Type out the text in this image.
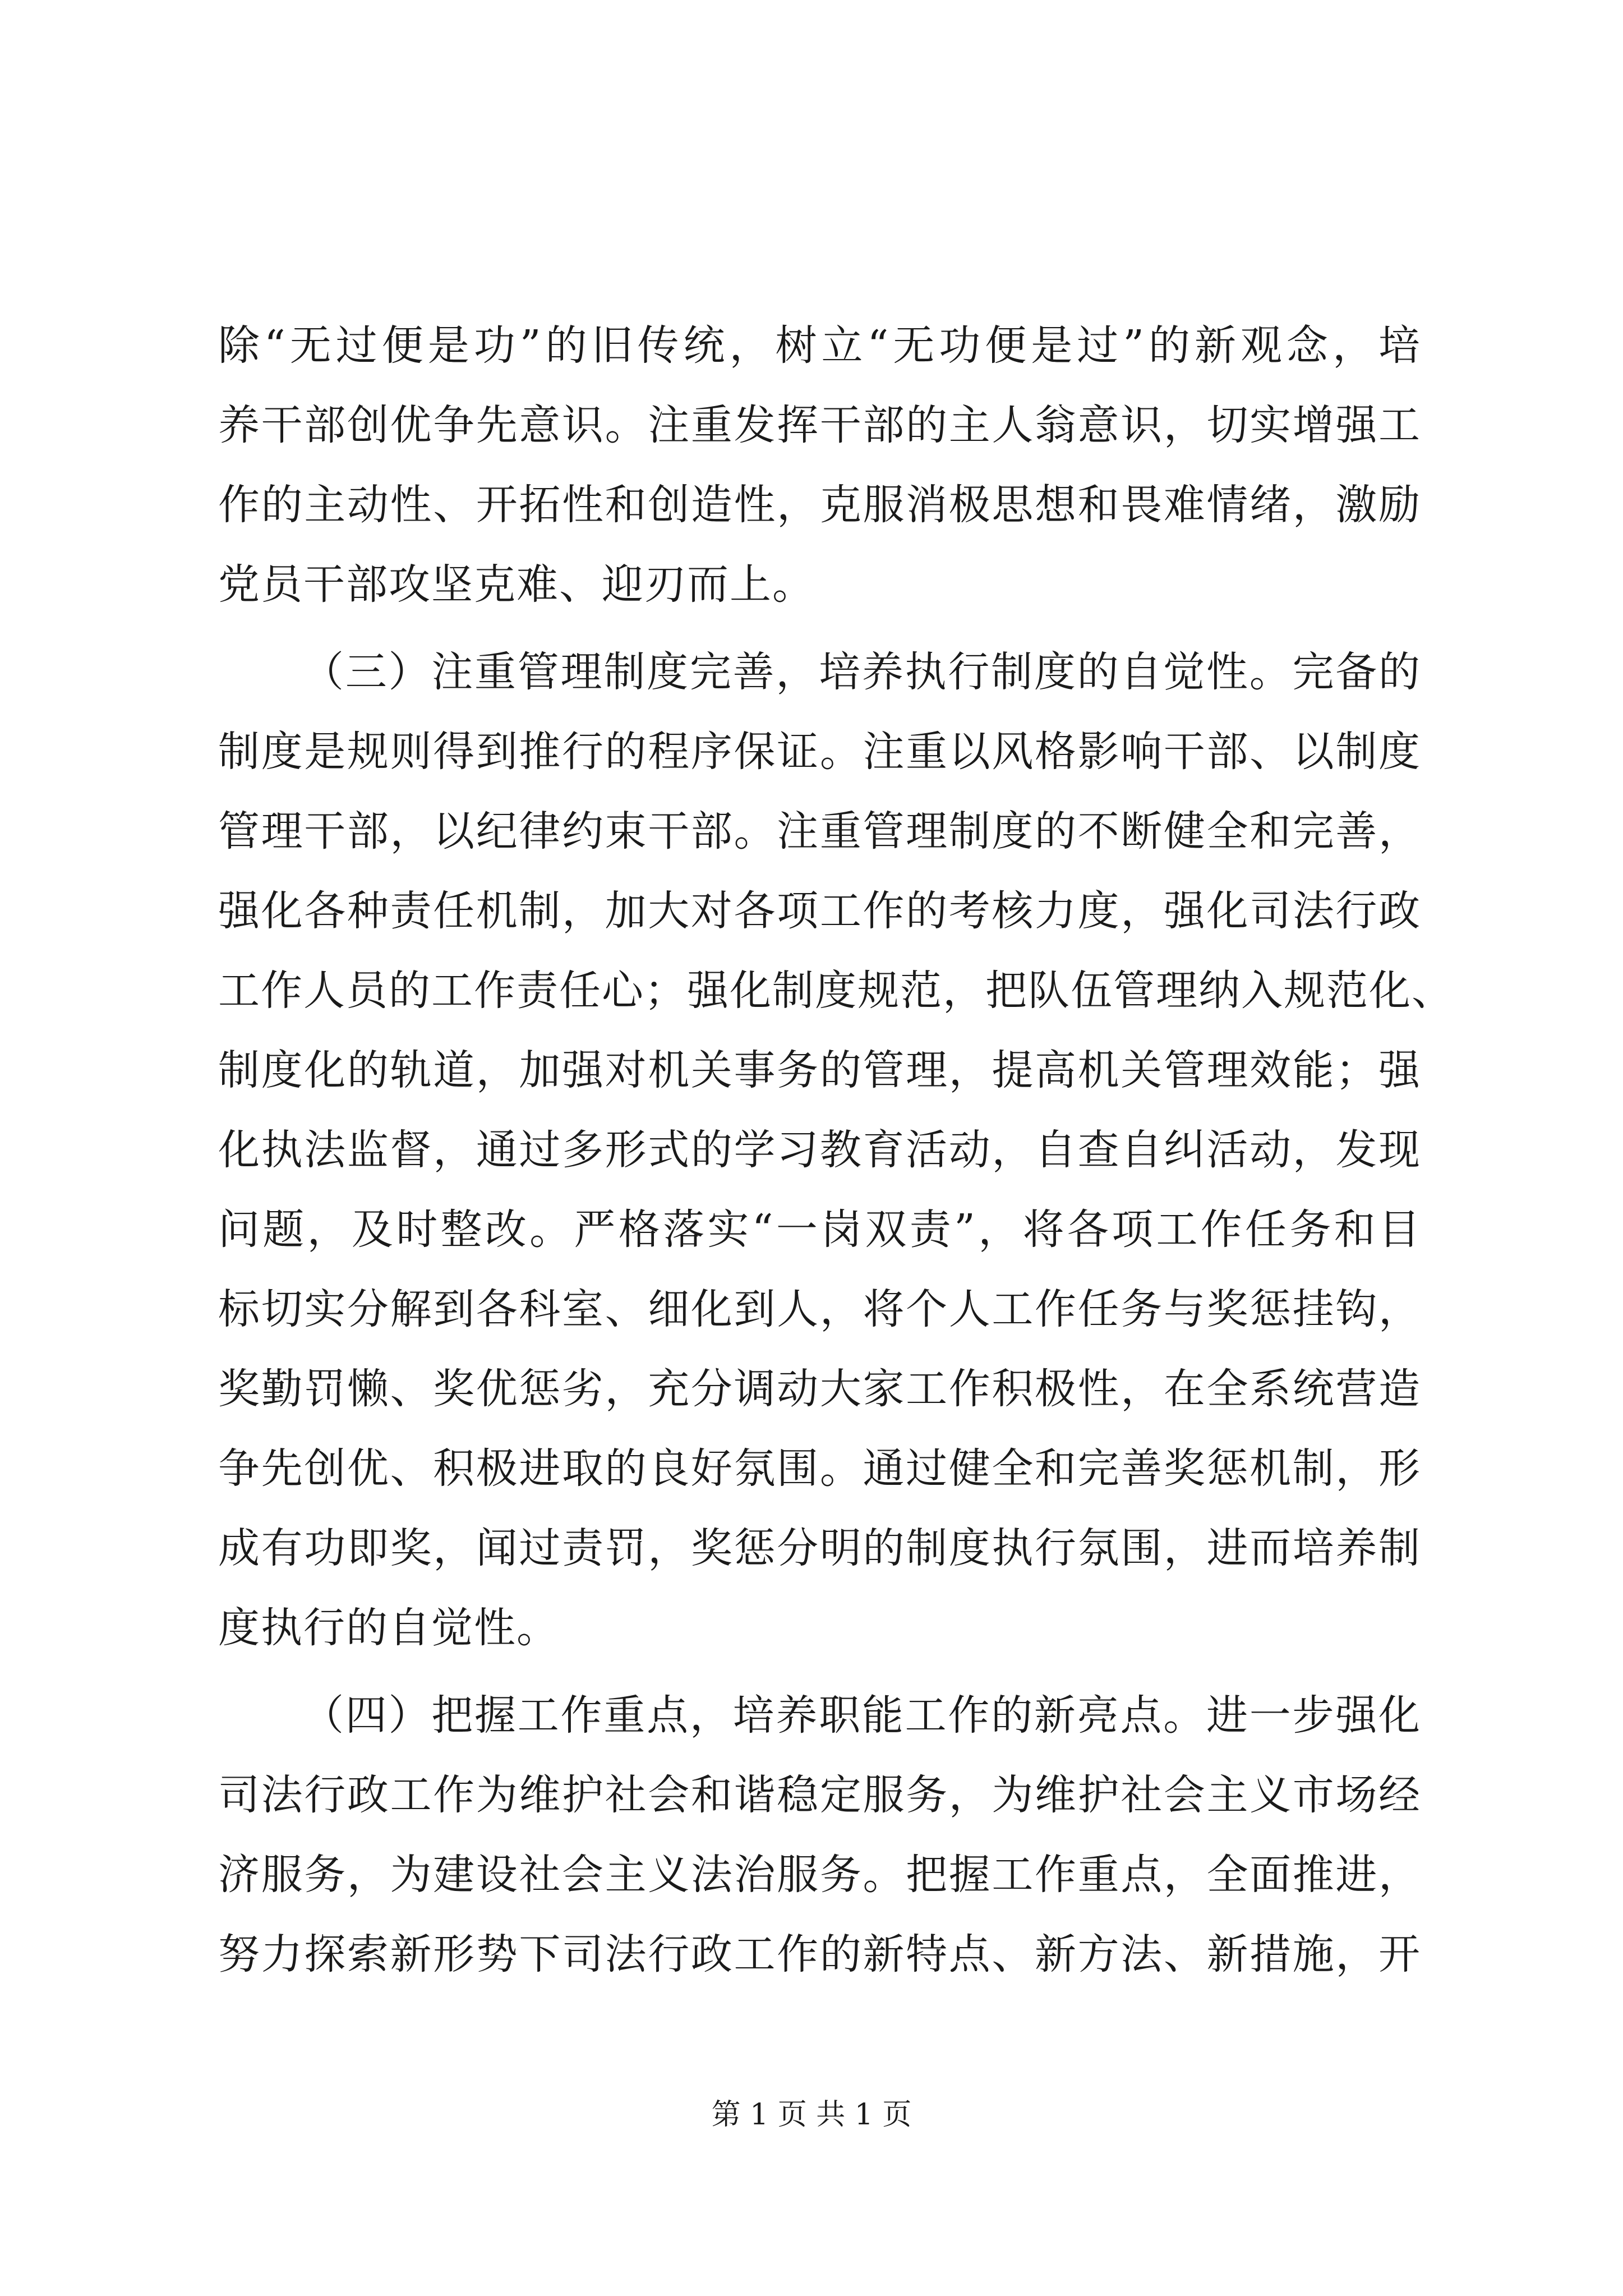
除“无过便是功”的旧传统，树立“无功便是过”的新观念，培
养干部创优争先意识。注重发挥干部的主人翁意识，切实增强工
作的主动性、开拓性和创造性，克服消极思想和畏难情绪，激励
党员干部攻坚克难、迎刃而上。
（三）注重管理制度完善，培养执行制度的自觉性。完备的
制度是规则得到推行的程序保证。注重以风格影响干部、以制度
管理干部，以纪律约束干部。注重管理制度的不断健全和完善，
强化各种责任机制，加大对各项工作的考核力度，强化司法行政
工作人员的工作责任心；强化制度规范，把队伍管理纳入规范化、
制度化的轨道，加强对机关事务的管理，提高机关管理效能；强
化执法监督，通过多形式的学习教育活动，自查自纠活动，发现
问题，及时整改。严格落实“一岗双责”，将各项工作任务和目
标切实分解到各科室、细化到人，将个人工作任务与奖惩挂钩，
奖勤罚懒、奖优惩劣，充分调动大家工作积极性，在全系统营造
争先创优、积极进取的良好氛围。通过健全和完善奖惩机制，形
成有功即奖，闻过责罚，奖惩分明的制度执行氛围，进而培养制
度执行的自觉性。
（四）把握工作重点，培养职能工作的新亮点。进一步强化
司法行政工作为维护社会和谐稳定服务，为维护社会主义市场经
济服务，为建设社会主义法治服务。把握工作重点，全面推进，
努力探索新形势下司法行政工作的新特点、新方法、新措施，开
第 1 页 共 1 页
